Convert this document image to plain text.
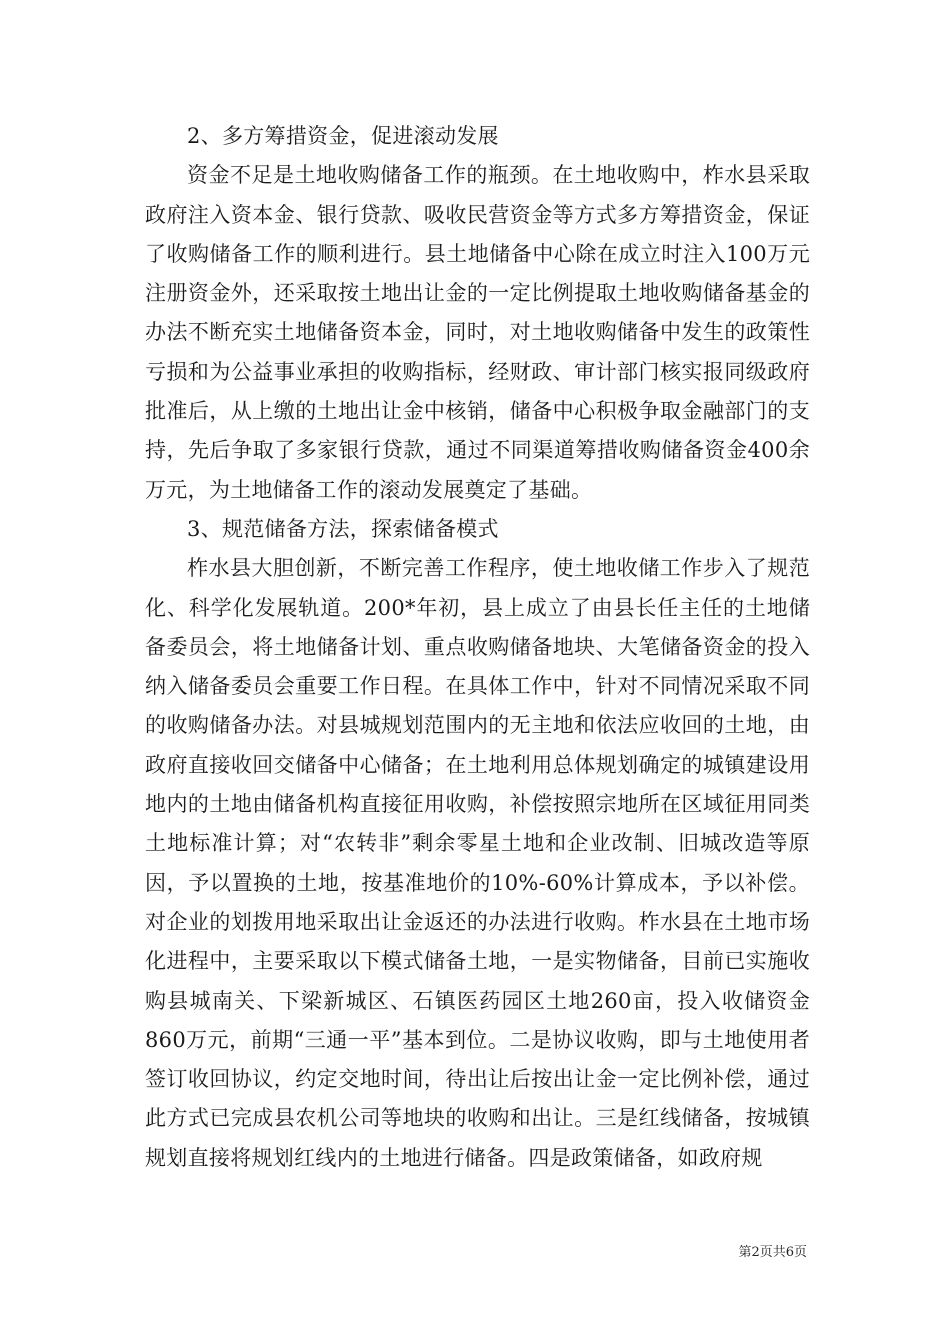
2、多方筹措资金，促进滚动发展

资金不足是土地收购储备工作的瓶颈。在土地收购中，柞水县采取政府注入资本金、银行贷款、吸收民营资金等方式多方筹措资金，保证了收购储备工作的顺利进行。县土地储备中心除在成立时注入100万元注册资金外，还采取按土地出让金的一定比例提取土地收购储备基金的办法不断充实土地储备资本金，同时，对土地收购储备中发生的政策性亏损和为公益事业承担的收购指标，经财政、审计部门核实报同级政府批准后，从上缴的土地出让金中核销，储备中心积极争取金融部门的支持，先后争取了多家银行贷款，通过不同渠道筹措收购储备资金400余万元，为土地储备工作的滚动发展奠定了基础。

3、规范储备方法，探索储备模式

柞水县大胆创新，不断完善工作程序，使土地收储工作步入了规范化、科学化发展轨道。200*年初，县上成立了由县长任主任的土地储备委员会，将土地储备计划、重点收购储备地块、大笔储备资金的投入纳入储备委员会重要工作日程。在具体工作中，针对不同情况采取不同的收购储备办法。对县城规划范围内的无主地和依法应收回的土地，由政府直接收回交储备中心储备；在土地利用总体规划确定的城镇建设用地内的土地由储备机构直接征用收购，补偿按照宗地所在区域征用同类土地标准计算；对“农转非”剩余零星土地和企业改制、旧城改造等原因，予以置换的土地，按基准地价的10%-60%计算成本，予以补偿。对企业的划拨用地采取出让金返还的办法进行收购。柞水县在土地市场化进程中，主要采取以下模式储备土地，一是实物储备，目前已实施收购县城南关、下梁新城区、石镇医药园区土地260亩，投入收储资金860万元，前期“三通一平”基本到位。二是协议收购，即与土地使用者签订收回协议，约定交地时间，待出让后按出让金一定比例补偿，通过此方式已完成县农机公司等地块的收购和出让。三是红线储备，按城镇规划直接将规划红线内的土地进行储备。四是政策储备，如政府规

第2页共6页
